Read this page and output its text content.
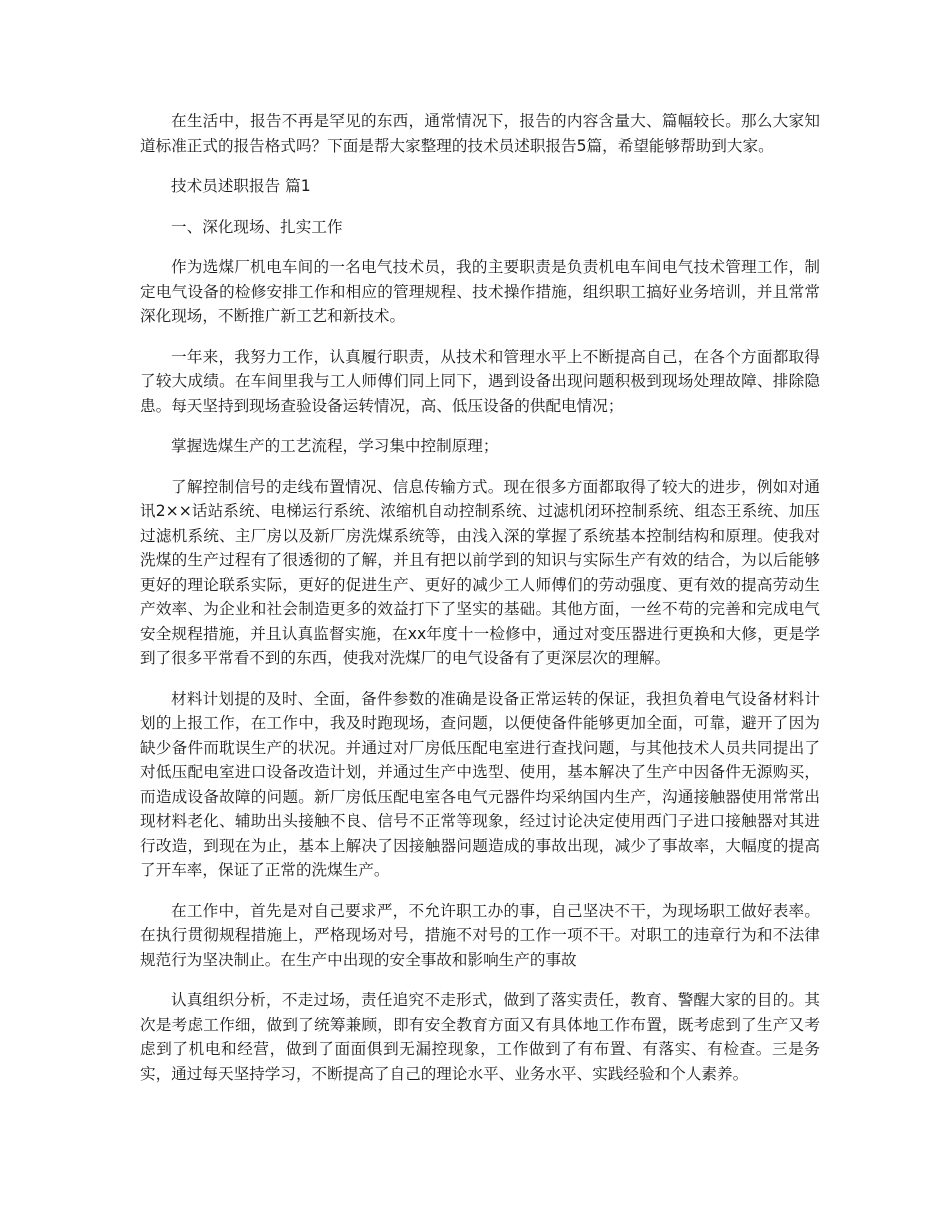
在生活中，报告不再是罕见的东西，通常情况下，报告的内容含量大、篇幅较长。那么大家知道标准正式的报告格式吗？下面是帮大家整理的技术员述职报告5篇，希望能够帮助到大家。

技术员述职报告 篇1

一、深化现场、扎实工作

作为选煤厂机电车间的一名电气技术员，我的主要职责是负责机电车间电气技术管理工作，制定电气设备的检修安排工作和相应的管理规程、技术操作措施，组织职工搞好业务培训，并且常常深化现场，不断推广新工艺和新技术。

一年来，我努力工作，认真履行职责，从技术和管理水平上不断提高自己，在各个方面都取得了较大成绩。在车间里我与工人师傅们同上同下，遇到设备出现问题积极到现场处理故障、排除隐患。每天坚持到现场查验设备运转情况，高、低压设备的供配电情况；

掌握选煤生产的工艺流程，学习集中控制原理；

了解控制信号的走线布置情况、信息传输方式。现在很多方面都取得了较大的进步，例如对通讯2××话站系统、电梯运行系统、浓缩机自动控制系统、过滤机闭环控制系统、组态王系统、加压过滤机系统、主厂房以及新厂房洗煤系统等，由浅入深的掌握了系统基本控制结构和原理。使我对洗煤的生产过程有了很透彻的了解，并且有把以前学到的知识与实际生产有效的结合，为以后能够更好的理论联系实际，更好的促进生产、更好的减少工人师傅们的劳动强度、更有效的提高劳动生产效率、为企业和社会制造更多的效益打下了坚实的基础。其他方面，一丝不苟的完善和完成电气安全规程措施，并且认真监督实施，在xx年度十一检修中，通过对变压器进行更换和大修，更是学到了很多平常看不到的东西，使我对洗煤厂的电气设备有了更深层次的理解。

材料计划提的及时、全面，备件参数的准确是设备正常运转的保证，我担负着电气设备材料计划的上报工作，在工作中，我及时跑现场，查问题，以便使备件能够更加全面，可靠，避开了因为缺少备件而耽误生产的状况。并通过对厂房低压配电室进行查找问题，与其他技术人员共同提出了对低压配电室进口设备改造计划，并通过生产中选型、使用，基本解决了生产中因备件无源购买，而造成设备故障的问题。新厂房低压配电室各电气元器件均采纳国内生产，沟通接触器使用常常出现材料老化、辅助出头接触不良、信号不正常等现象，经过讨论决定使用西门子进口接触器对其进行改造，到现在为止，基本上解决了因接触器问题造成的事故出现，减少了事故率，大幅度的提高了开车率，保证了正常的洗煤生产。

在工作中，首先是对自己要求严，不允许职工办的事，自己坚决不干，为现场职工做好表率。在执行贯彻规程措施上，严格现场对号，措施不对号的工作一项不干。对职工的违章行为和不法律规范行为坚决制止。在生产中出现的安全事故和影响生产的事故

认真组织分析，不走过场，责任追究不走形式，做到了落实责任，教育、警醒大家的目的。其次是考虑工作细，做到了统筹兼顾，即有安全教育方面又有具体地工作布置，既考虑到了生产又考虑到了机电和经营，做到了面面俱到无漏控现象，工作做到了有布置、有落实、有检查。三是务实，通过每天坚持学习，不断提高了自己的理论水平、业务水平、实践经验和个人素养。
